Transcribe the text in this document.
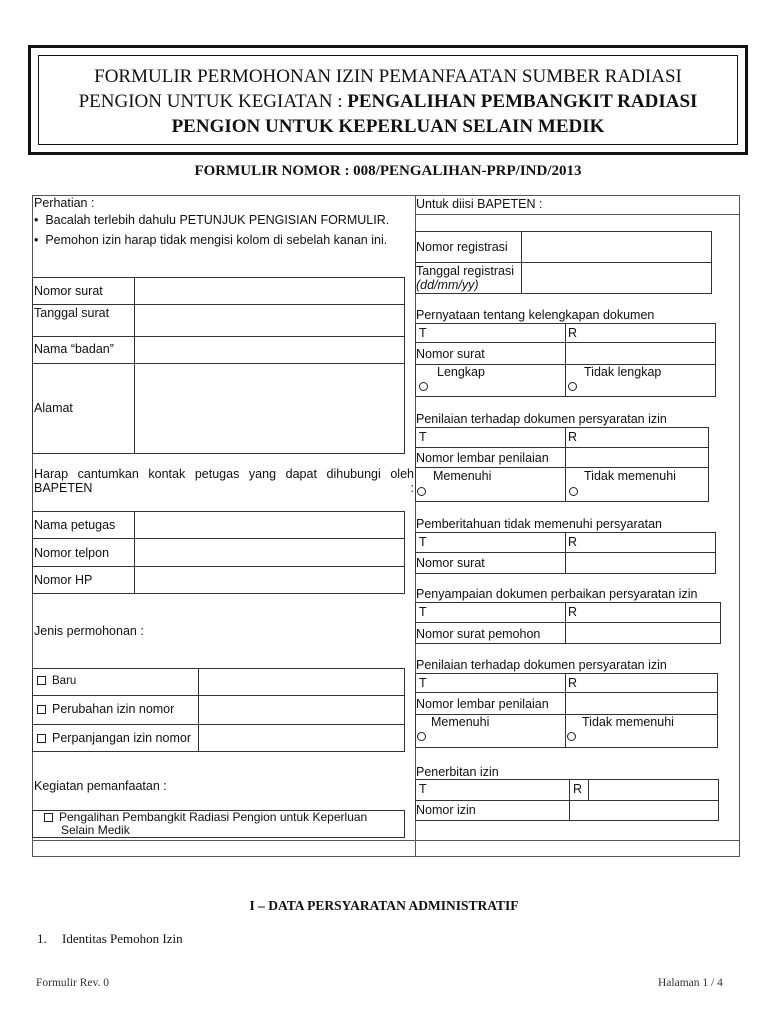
FORMULIR PERMOHONAN IZIN PEMANFAATAN SUMBER RADIASI
PENGION UNTUK KEGIATAN : PENGALIHAN PEMBANGKIT RADIASI
PENGION UNTUK KEPERLUAN SELAIN MEDIK
FORMULIR NOMOR : 008/PENGALIHAN-PRP/IND/2013
Perhatian :
•  Bacalah terlebih dahulu PETUNJUK PENGISIAN FORMULIR.
•  Pemohon izin harap tidak mengisi kolom di sebelah kanan ini.
Nomor surat
Tanggal surat
Nama “badan”
Alamat
Harap cantumkan kontak petugas yang dapat dihubungi oleh BAPETEN :
Nama petugas
Nomor telpon
Nomor HP
Jenis permohonan :
Baru
Perubahan izin nomor
Perpanjangan izin nomor
Kegiatan pemanfaatan :
Pengalihan Pembangkit Radiasi Pengion untuk Keperluan
Selain Medik
Untuk diisi BAPETEN :
Nomor registrasi
Tanggal registrasi
(dd/mm/yy)
Pernyataan tentang kelengkapan dokumen
T	R
Nomor surat
Lengkap	Tidak lengkap
Penilaian terhadap dokumen persyaratan izin
T	R
Nomor lembar penilaian
Memenuhi	Tidak memenuhi
Pemberitahuan tidak memenuhi persyaratan
T	R
Nomor surat
Penyampaian dokumen perbaikan persyaratan izin
T	R
Nomor surat pemohon
Penilaian terhadap dokumen persyaratan izin
T	R
Nomor lembar penilaian
Memenuhi	Tidak memenuhi
Penerbitan izin
T	R
Nomor izin
I – DATA PERSYARATAN ADMINISTRATIF
1. Identitas Pemohon Izin
Formulir Rev. 0	Halaman 1 / 4
